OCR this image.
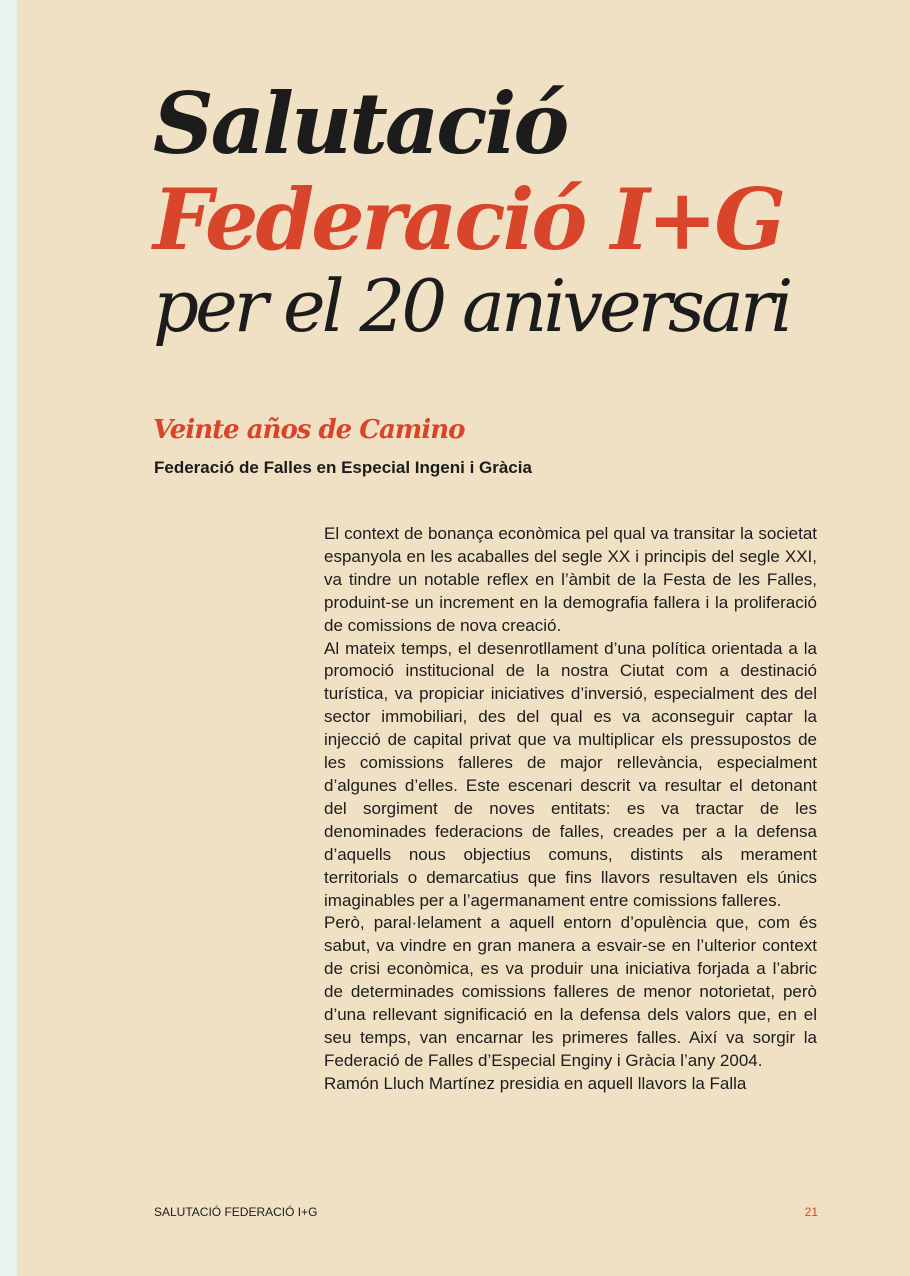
Salutació
Federació I+G
per el 20 aniversari
Veinte años de Camino

Federació de Falles en Especial Ingeni i Gràcia

El context de bonança econòmica pel qual va transitar la societat espanyola en les acaballes del segle XX i principis del segle XXI, va tindre un notable reflex en l’àmbit de la Festa de les Falles, produint-se un increment en la demografia fallera i la proliferació de comissions de nova creació.

Al mateix temps, el desenrotllament d’una política orientada a la promoció institucional de la nostra Ciutat com a destinació turística, va propiciar iniciatives d’inversió, especialment des del sector immobiliari, des del qual es va aconseguir captar la injecció de capital privat que va multiplicar els pressupostos de les comissions falleres de major rellevància, especialment d’algunes d’elles. Este escenari descrit va resultar el detonant del sorgiment de noves entitats: es va tractar de les denominades federacions de falles, creades per a la defensa d’aquells nous objectius comuns, distints als merament territorials o demarcatius que fins llavors resultaven els únics imaginables per a l’agermanament entre comissions falleres.

Però, paral·lelament a aquell entorn d’opulència que, com és sabut, va vindre en gran manera a esvair-se en l’ulterior context de crisi econòmica, es va produir una iniciativa forjada a l’abric de determinades comissions falleres de menor notorietat, però d’una rellevant significació en la defensa dels valors que, en el seu temps, van encarnar les primeres falles. Així va sorgir la Federació de Falles d’Especial Enginy i Gràcia l’any 2004.

Ramón Lluch Martínez presidia en aquell llavors la Falla

SALUTACIÓ FEDERACIÓ I+G	21
